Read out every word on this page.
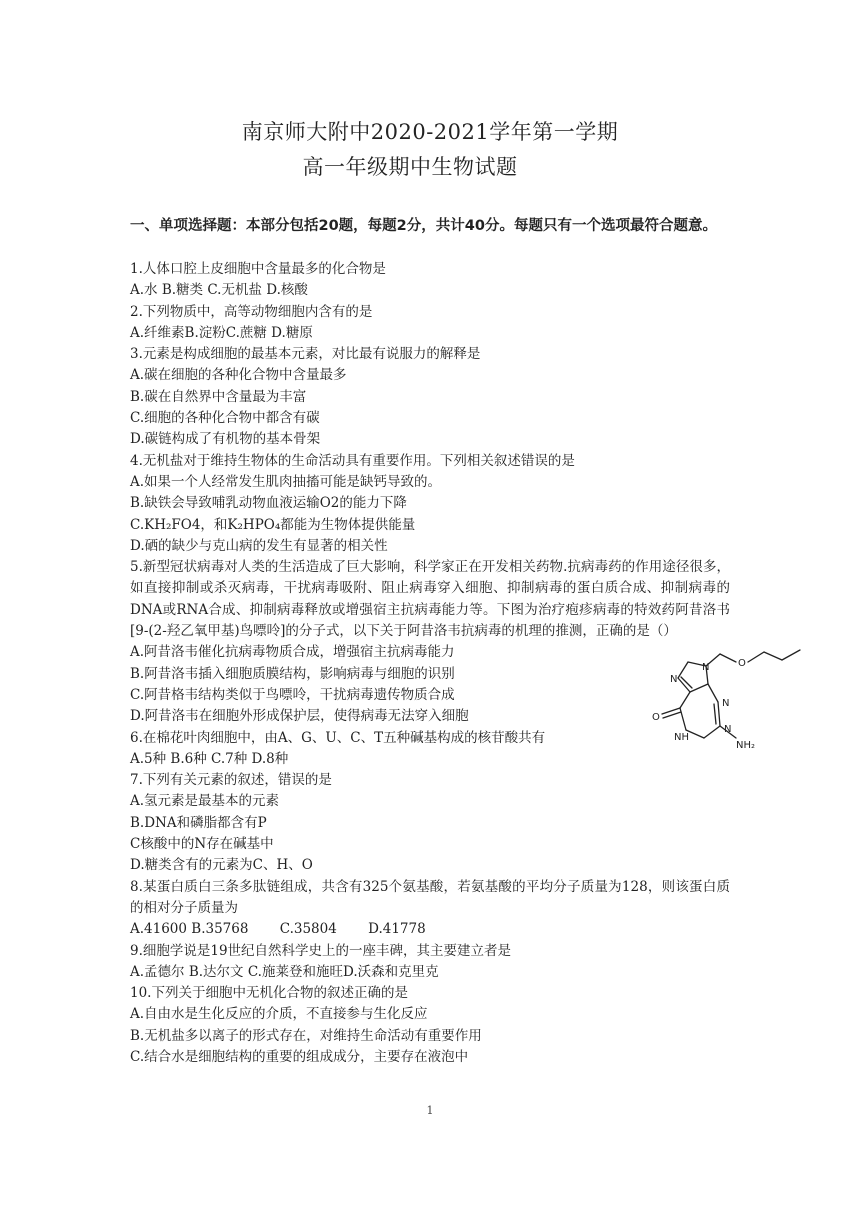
南京师大附中2020-2021学年第一学期
高一年级期中生物试题
一、单项选择题：本部分包括20题，每题2分，共计40分。每题只有一个选项最符合题意。
1.人体口腔上皮细胞中含量最多的化合物是
A.水 B.糖类 C.无机盐 D.核酸
2.下列物质中，高等动物细胞内含有的是
A.纤维素B.淀粉C.蔗糖 D.糖原
3.元素是构成细胞的最基本元素，对比最有说服力的解释是
A.碳在细胞的各种化合物中含量最多
B.碳在自然界中含量最为丰富
C.细胞的各种化合物中都含有碳
D.碳链构成了有机物的基本骨架
4.无机盐对于维持生物体的生命活动具有重要作用。下列相关叙述错误的是
A.如果一个人经常发生肌肉抽搐可能是缺钙导致的。
B.缺铁会导致哺乳动物血液运输O2的能力下降
C.KH₂FO4，和K₂HPO₄都能为生物体提供能量
D.硒的缺少与克山病的发生有显著的相关性
5.新型冠状病毒对人类的生活造成了巨大影响，科学家正在开发相关药物.抗病毒药的作用途径很多，如直接抑制或杀灭病毒，干扰病毒吸附、阻止病毒穿入细胞、抑制病毒的蛋白质合成、抑制病毒的DNA或RNA合成、抑制病毒释放或增强宿主抗病毒能力等。下图为治疗疱疹病毒的特效药阿昔洛书[9-(2-羟乙氧甲基)鸟嘌呤]的分子式，以下关于阿昔洛韦抗病毒的机理的推测，正确的是（）
A.阿昔洛韦催化抗病毒物质合成，增强宿主抗病毒能力
B.阿昔洛韦插入细胞质膜结构，影响病毒与细胞的识别
C.阿昔格韦结构类似于鸟嘌呤，干扰病毒遗传物质合成
D.阿昔洛韦在细胞外形成保护层，使得病毒无法穿入细胞
6.在棉花叶肉细胞中，由A、G、U、C、T五种碱基构成的核苷酸共有
A.5种 B.6种 C.7种 D.8种
7.下列有关元素的叙述，错误的是
A.氢元素是最基本的元素
B.DNA和磷脂都含有P
C核酸中的N存在碱基中
D.糖类含有的元素为C、H、O
8.某蛋白质白三条多肽链组成，共含有325个氨基酸，若氨基酸的平均分子质量为128，则该蛋白质的相对分子质量为
A.41600 B.35768　　 C.35804　　 D.41778
9.细胞学说是19世纪自然科学史上的一座丰碑，其主要建立者是
A.孟德尔 B.达尔文 C.施莱登和施旺D.沃森和克里克
10.下列关于细胞中无机化合物的叙述正确的是
A.自由水是生化反应的介质，不直接参与生化反应
B.无机盐多以离子的形式存在，对维持生命活动有重要作用
C.结合水是细胞结构的重要的组成成分，主要存在液泡中
N
N	O
O
N
NH
N
NH₂
1
